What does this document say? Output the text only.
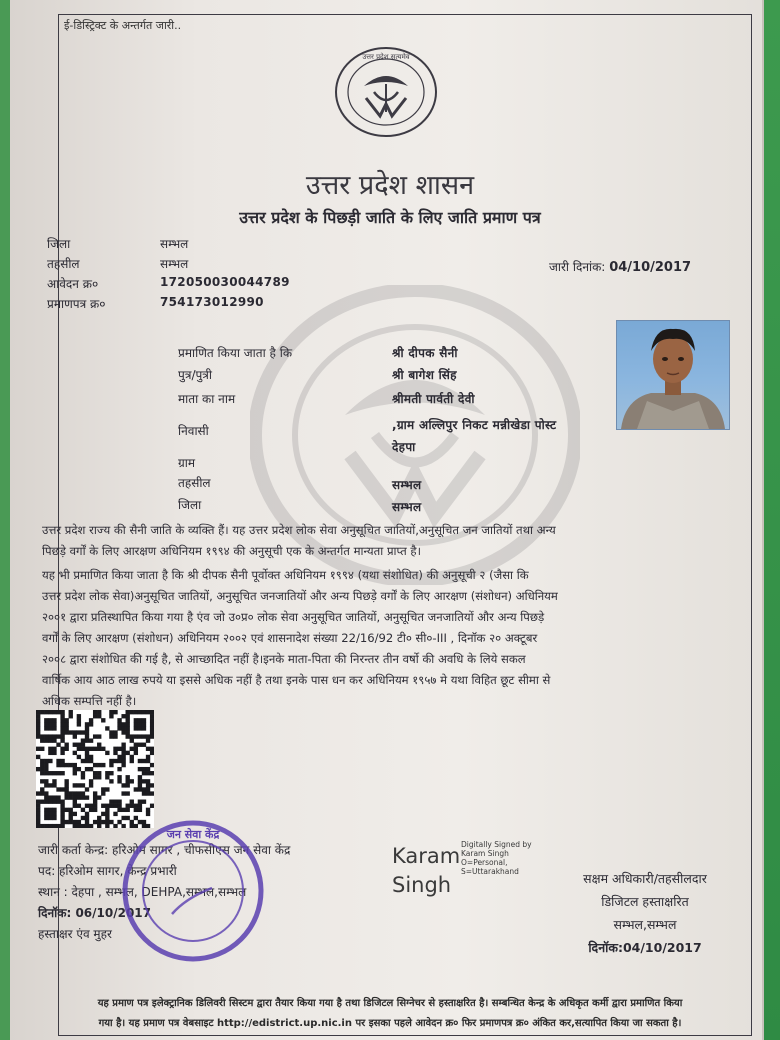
ई-डिस्ट्रिक्ट के अन्तर्गत जारी..
उत्तर प्रदेश सत्यमेव
उत्तर प्रदेश शासन
उत्तर प्रदेश के पिछड़ी जाति के लिए जाति प्रमाण पत्र
जिला	सम्भल
तहसील	सम्भल
आवेदन क्र०	172050030044789
प्रमाणपत्र क्र०	754173012990
जारी दिनांक: 04/10/2017
प्रमाणित किया जाता है कि	श्री दीपक सैनी
पुत्र/पुत्री	श्री बागेश सिंह
माता का नाम	श्रीमती पार्वती देवी
निवासी	,ग्राम अल्लिपुर निकट मन्नीखेडा पोस्ट
देहपा
ग्राम
तहसील	सम्भल
जिला	सम्भल
उत्तर प्रदेश राज्य की सैनी जाति के व्यक्ति हैं। यह उत्तर प्रदेश लोक सेवा अनुसूचित जातियों,अनुसूचित जन जातियों तथा अन्य
पिछड़े वर्गों के लिए आरक्षण अधिनियम १९९४ की अनुसूची एक के अन्तर्गत मान्यता प्राप्त है।
यह भी प्रमाणित किया जाता है कि श्री दीपक सैनी पूर्वोक्त अधिनियम १९९४ (यथा संशोधित) की अनुसूची २ (जैसा कि
उत्तर प्रदेश लोक सेवा)अनुसूचित जातियों, अनुसूचित जनजातियों और अन्य पिछड़े वर्गों के लिए आरक्षण (संशोधन) अधिनियम
२००१ द्वारा प्रतिस्थापित किया गया है एंव जो उ०प्र० लोक सेवा अनुसूचित जातियों, अनुसूचित जनजातियों और अन्य पिछड़े
वर्गों के लिए आरक्षण (संशोधन) अधिनियम २००२ एवं शासनादेश संख्या 22/16/92 टी० सी०-III , दिनॉक २० अक्टूबर
२००८ द्वारा संशोधित की गई है, से आच्छादित नहीं है।इनके माता-पिता की निरन्तर तीन वर्षो की अवधि के लिये सकल
वार्षिक आय आठ लाख रुपये या इससे अधिक नहीं है तथा इनके पास धन कर अधिनियम १९५७ मे यथा विहित छूट सीमा से
अधिक सम्पत्ति नहीं है।
जारी कर्ता केन्द्र: हरिओम सागर , चीफसीएस जन सेवा केंद्र
पद: हरिओम सागर, केन्द्र प्रभारी
स्थान : देहपा , सम्भल, DEHPA,सम्भल,सम्भल
दिनॉक: 06/10/2017
हस्ताक्षर एंव मुहर
जन सेवा केंद्र
Karam
Singh
Digitally Signed by
Karam Singh
O=Personal,
S=Uttarakhand	सक्षम अधिकारी/तहसीलदार
डिजिटल हस्ताक्षरित
सम्भल,सम्भल
दिनॉक:04/10/2017
यह प्रमाण पत्र इलेक्ट्रानिक डिलिवरी सिस्टम द्वारा तैयार किया गया है तथा डिजिटल सिग्नेचर से हस्ताक्षरित है। सम्बन्धित केन्द्र के अधिकृत कर्मी द्वारा प्रमाणित किया
गया है। यह प्रमाण पत्र वेबसाइट http://edistrict.up.nic.in पर इसका पहले आवेदन क्र० फिर प्रमाणपत्र क्र० अंकित कर,सत्यापित किया जा सकता है।
